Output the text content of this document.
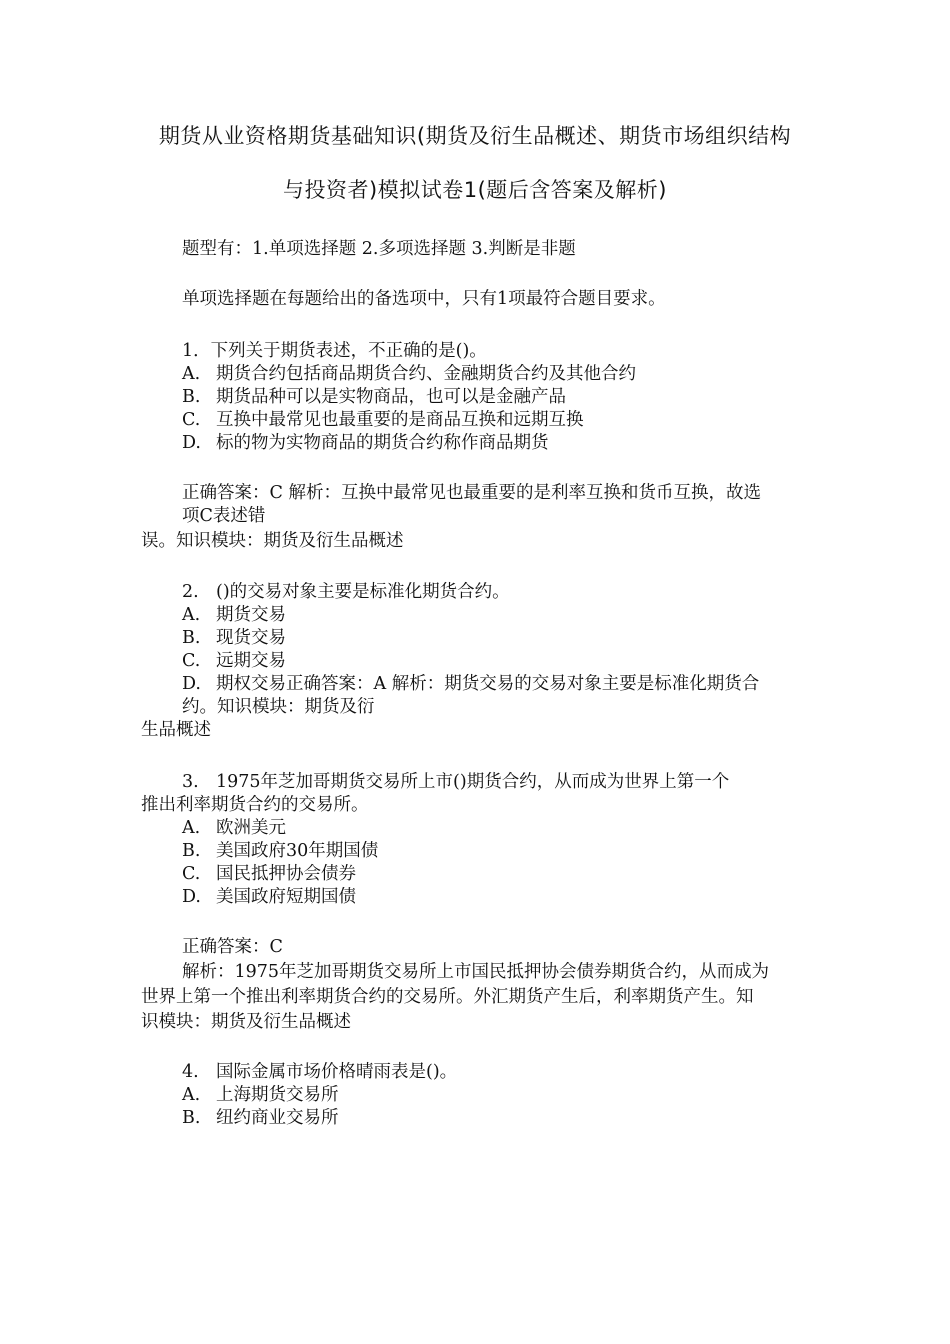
期货从业资格期货基础知识(期货及衍生品概述、期货市场组织结构
与投资者)模拟试卷1(题后含答案及解析)
题型有：1.单项选择题 2.多项选择题 3.判断是非题
单项选择题在每题给出的备选项中，只有1项最符合题目要求。
1．下列关于期货表述，不正确的是()。
A. 期货合约包括商品期货合约、金融期货合约及其他合约
B. 期货品种可以是实物商品，也可以是金融产品
C. 互换中最常见也最重要的是商品互换和远期互换
D. 标的物为实物商品的期货合约称作商品期货
正确答案：C 解析：互换中最常见也最重要的是利率互换和货币互换，故选
项C表述错
误。知识模块：期货及衍生品概述
2. ()的交易对象主要是标准化期货合约。
A. 期货交易
B. 现货交易
C. 远期交易
D. 期权交易正确答案：A 解析：期货交易的交易对象主要是标准化期货合
约。知识模块：期货及衍
生品概述
3. 1975年芝加哥期货交易所上市()期货合约，从而成为世界上第一个
推出利率期货合约的交易所。
A. 欧洲美元
B. 美国政府30年期国债
C. 国民抵押协会债券
D. 美国政府短期国债
正确答案：C
解析：1975年芝加哥期货交易所上市国民抵押协会债券期货合约，从而成为
世界上第一个推出利率期货合约的交易所。外汇期货产生后，利率期货产生。知
识模块：期货及衍生品概述
4. 国际金属市场价格晴雨表是()。
A. 上海期货交易所
B. 纽约商业交易所
